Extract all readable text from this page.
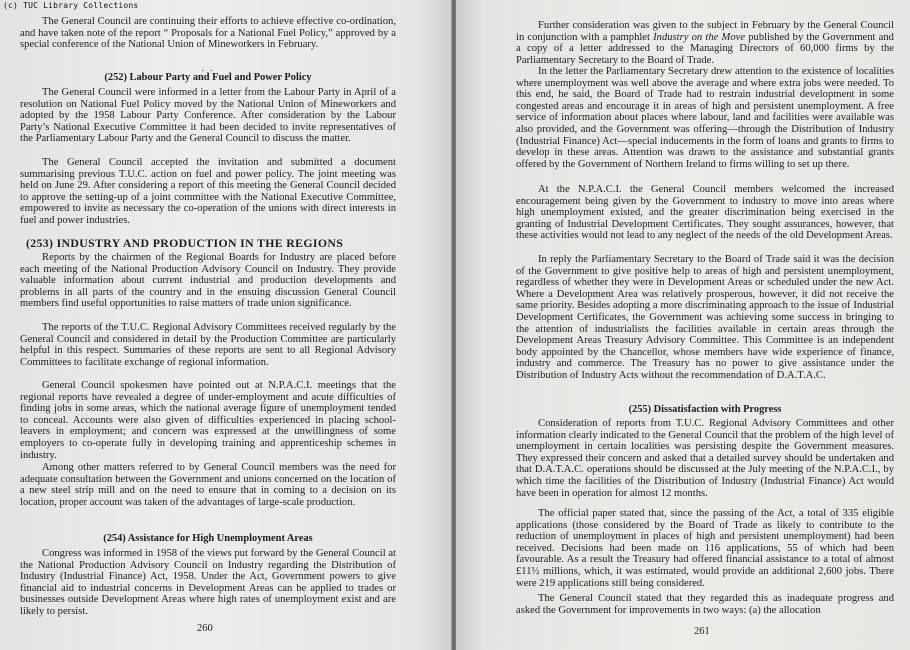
(c) TUC Library Collections

The General Council are continuing their efforts to achieve effective co-ordination, and have taken note of the report “ Proposals for a National Fuel Policy,” approved by a special conference of the National Union of Mineworkers in February.

. .
(252) Labour Party and Fuel and Power Policy

The General Council were informed in a letter from the Labour Party in April of a resolution on National Fuel Policy moved by the National Union of Mineworkers and adopted by the 1958 Labour Party Conference. After consideration by the Labour Party’s National Executive Committee it had been decided to invite representatives of the Parliamentary Labour Party and the General Council to discuss the matter.

The General Council accepted the invitation and submitted a document summarising previous T.U.C. action on fuel and power policy. The joint meeting was held on June 29. After considering a report of this meeting the General Council decided to approve the setting-up of a joint committee with the National Executive Committee, empowered to invite as necessary the co-operation of the unions with direct interests in fuel and power industries.

(253) INDUSTRY AND PRODUCTION IN THE REGIONS

Reports by the chairmen of the Regional Boards for Industry are placed before each meeting of the National Production Advisory Council on Industry. They provide valuable information about current industrial and production developments and problems in all parts of the country and in the ensuing discussion General Council members find useful opportunities to raise matters of trade union significance.

The reports of the T.U.C. Regional Advisory Committees received regularly by the General Council and considered in detail by the Production Committee are particularly helpful in this respect. Summaries of these reports are sent to all Regional Advisory Committees to facilitate exchange of regional information.

General Council spokesmen have pointed out at N.P.A.C.I. meetings that the regional reports have revealed a degree of under-employment and acute difficulties of finding jobs in some areas, which the national average figure of unemployment tended to conceal. Accounts were also given of difficulties experienced in placing school-leavers in employment; and concern was expressed at the unwillingness of some employers to co-operate fully in developing training and apprenticeship schemes in industry.

Among other matters referred to by General Council members was the need for adequate consultation between the Government and unions concerned on the location of a new steel strip mill and on the need to ensure that in coming to a decision on its location, proper account was taken of the advantages of large-scale production.

(254) Assistance for High Unemployment Areas

Congress was informed in 1958 of the views put forward by the General Council at the National Production Advisory Council on Industry regarding the Distribution of Industry (Industrial Finance) Act, 1958. Under the Act, Government powers to give financial aid to industrial concerns in Development Areas can be applied to trades or businesses outside Development Areas where high rates of unemployment exist and are likely to persist.

260

Further consideration was given to the subject in February by the General Council in conjunction with a pamphlet Industry on the Move published by the Government and a copy of a letter addressed to the Managing Directors of 60,000 firms by the Parliamentary Secretary to the Board of Trade.

In the letter the Parliamentary Secretary drew attention to the existence of localities where unemployment was well above the average and where extra jobs were needed. To this end, he said, the Board of Trade had to restrain industrial development in some congested areas and encourage it in areas of high and persistent unemployment. A free service of information about places where labour, land and facilities were available was also provided, and the Government was offering—through the Distribution of Industry (Industrial Finance) Act—special inducements in the form of loans and grants to firms to develop in these areas. Attention was drawn to the assistance and substantial grants offered by the Government of Northern Ireland to firms willing to set up there.

At the N.P.A.C.I. the General Council members welcomed the increased encouragement being given by the Government to industry to move into areas where high unemployment existed, and the greater discrimination being exercised in the granting of Industrial Development Certificates. They sought assurances, however, that these activities would not lead to any neglect of the needs of the old Development Areas.

In reply the Parliamentary Secretary to the Board of Trade said it was the decision of the Government to give positive help to areas of high and persistent unemployment, regardless of whether they were in Development Areas or scheduled under the new Act. Where a Development Area was relatively prosperous, however, it did not receive the same priority. Besides adopting a more discriminating approach to the issue of Industrial Development Certificates, the Government was achieving some success in bringing to the attention of industrialists the facilities available in certain areas through the Development Areas Treasury Advisory Committee. This Committee is an independent body appointed by the Chancellor, whose members have wide experience of finance, industry and commerce. The Treasury has no power to give assistance under the Distribution of Industry Acts without the recommendation of D.A.T.A.C.

(255) Dissatisfaction with Progress

Consideration of reports from T.U.C. Regional Advisory Committees and other information clearly indicated to the General Council that the problem of the high level of unemployment in certain localities was persisting despite the Government measures. They expressed their concern and asked that a detailed survey should be undertaken and that D.A.T.A.C. operations should be discussed at the July meeting of the N.P.A.C.I., by which time the facilities of the Distribution of Industry (Industrial Finance) Act would have been in operation for almost 12 months.

The official paper stated that, since the passing of the Act, a total of 335 eligible applications (those considered by the Board of Trade as likely to contribute to the reduction of unemployment in places of high and persistent unemployment) had been received. Decisions had been made on 116 applications, 55 of which had been favourable. As a result the Treasury had offered financial assistance to a total of almost £11½ millions, which, it was estimated, would provide an additional 2,600 jobs. There were 219 applications still being considered.

The General Council stated that they regarded this as inadequate progress and asked the Government for improvements in two ways: (a) the allocation

261
